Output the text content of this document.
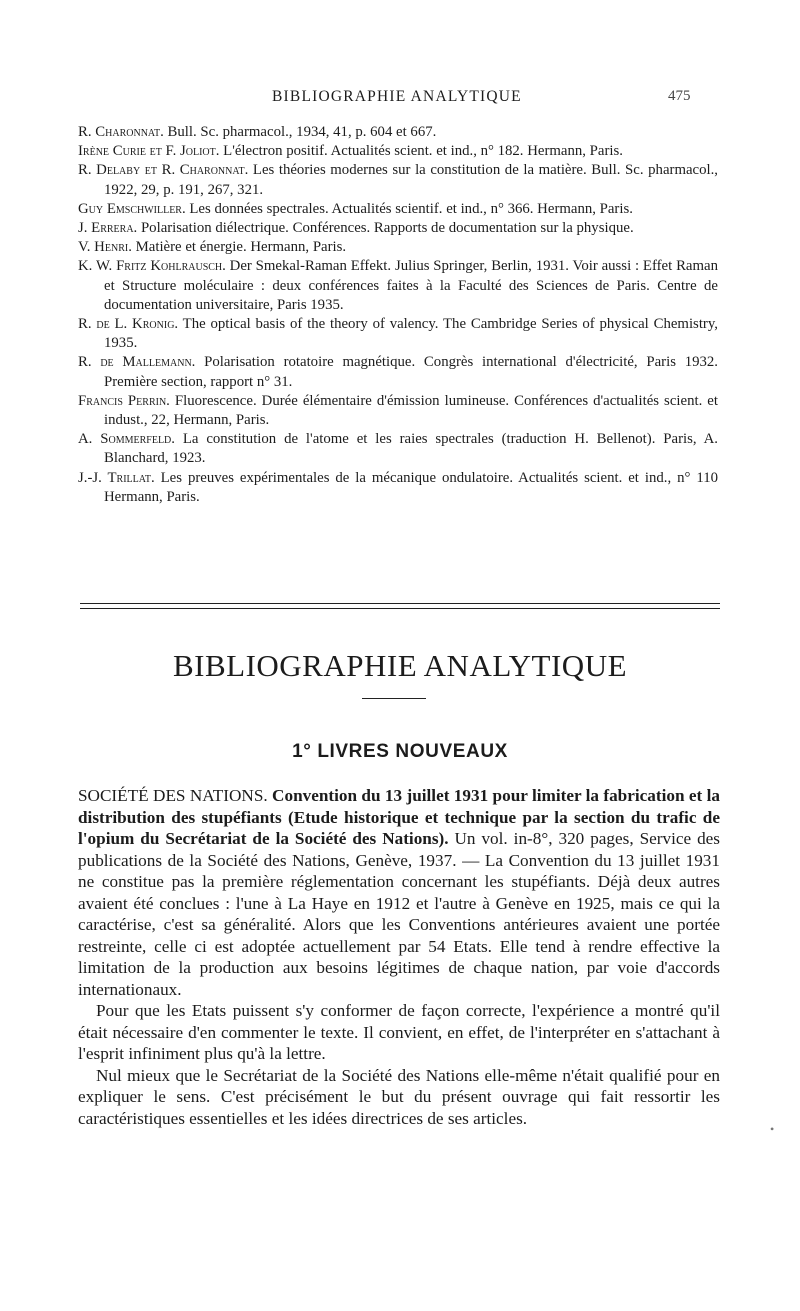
BIBLIOGRAPHIE ANALYTIQUE	475
R. Charonnat. Bull. Sc. pharmacol., 1934, 41, p. 604 et 667.
Irène Curie et F. Joliot. L'électron positif. Actualités scient. et ind., n° 182. Hermann, Paris.
R. Delaby et R. Charonnat. Les théories modernes sur la constitution de la matière. Bull. Sc. pharmacol., 1922, 29, p. 191, 267, 321.
Guy Emschwiller. Les données spectrales. Actualités scientif. et ind., n° 366. Hermann, Paris.
J. Errera. Polarisation diélectrique. Conférences. Rapports de documentation sur la physique.
V. Henri. Matière et énergie. Hermann, Paris.
K. W. Fritz Kohlrausch. Der Smekal-Raman Effekt. Julius Springer, Berlin, 1931. Voir aussi : Effet Raman et Structure moléculaire : deux conférences faites à la Faculté des Sciences de Paris. Centre de documentation universitaire, Paris 1935.
R. de L. Kronig. The optical basis of the theory of valency. The Cambridge Series of physical Chemistry, 1935.
R. de Mallemann. Polarisation rotatoire magnétique. Congrès international d'électricité, Paris 1932. Première section, rapport n° 31.
Francis Perrin. Fluorescence. Durée élémentaire d'émission lumineuse. Conférences d'actualités scient. et indust., 22, Hermann, Paris.
A. Sommerfeld. La constitution de l'atome et les raies spectrales (traduction H. Bellenot). Paris, A. Blanchard, 1923.
J.-J. Trillat. Les preuves expérimentales de la mécanique ondulatoire. Actualités scient. et ind., n° 110 Hermann, Paris.
BIBLIOGRAPHIE ANALYTIQUE
1° LIVRES NOUVEAUX

SOCIÉTÉ DES NATIONS. Convention du 13 juillet 1931 pour limiter la fabrication et la distribution des stupéfiants (Etude historique et technique par la section du trafic de l'opium du Secrétariat de la Société des Nations). Un vol. in-8°, 320 pages, Service des publications de la Société des Nations, Genève, 1937. — La Convention du 13 juillet 1931 ne constitue pas la première réglementation concernant les stupéfiants. Déjà deux autres avaient été conclues : l'une à La Haye en 1912 et l'autre à Genève en 1925, mais ce qui la caractérise, c'est sa généralité. Alors que les Conventions antérieures avaient une portée restreinte, celle ci est adoptée actuellement par 54 Etats. Elle tend à rendre effective la limitation de la production aux besoins légitimes de chaque nation, par voie d'accords internationaux.

Pour que les Etats puissent s'y conformer de façon correcte, l'expérience a montré qu'il était nécessaire d'en commenter le texte. Il convient, en effet, de l'interpréter en s'attachant à l'esprit infiniment plus qu'à la lettre.

Nul mieux que le Secrétariat de la Société des Nations elle-même n'était qualifié pour en expliquer le sens. C'est précisément le but du présent ouvrage qui fait ressortir les caractéristiques essentielles et les idées directrices de ses articles.

•
